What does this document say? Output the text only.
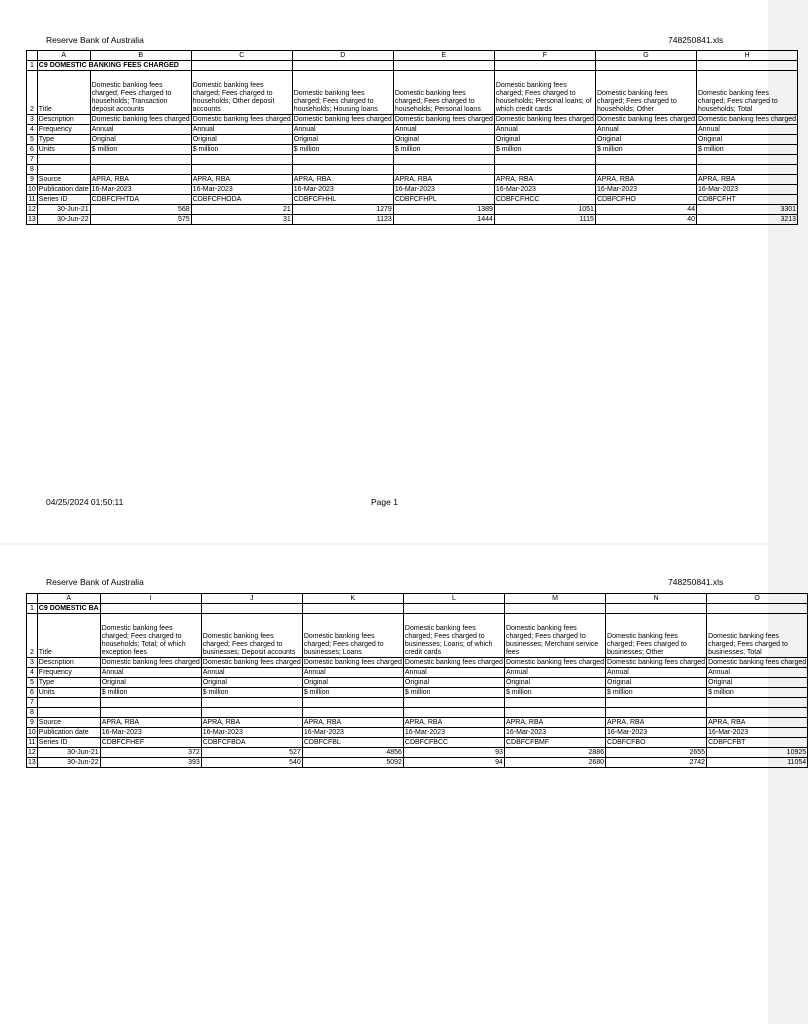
Reserve Bank of Australia	748250841.xls
	A	B	C	D	E	F	G	H
1	C9 DOMESTIC BANKING FEES CHARGED							
2	Title	Domestic banking fees charged; Fees charged to households; Transaction deposit accounts	Domestic banking fees charged; Fees charged to households; Other deposit accounts	Domestic banking fees charged; Fees charged to households; Housing loans	Domestic banking fees charged; Fees charged to households; Personal loans	Domestic banking fees charged; Fees charged to households; Personal loans; of which credit cards	Domestic banking fees charged; Fees charged to households; Other	Domestic banking fees charged; Fees charged to households; Total
3	Description	Domestic banking fees charged	Domestic banking fees charged	Domestic banking fees charged	Domestic banking fees charged	Domestic banking fees charged	Domestic banking fees charged	Domestic banking fees charged
4	Frequency	Annual	Annual	Annual	Annual	Annual	Annual	Annual
5	Type	Original	Original	Original	Original	Original	Original	Original
6	Units	$ million	$ million	$ million	$ million	$ million	$ million	$ million
7								
8								
9	Source	APRA, RBA	APRA, RBA	APRA, RBA	APRA, RBA	APRA, RBA	APRA, RBA	APRA, RBA
10	Publication date	16-Mar-2023	16-Mar-2023	16-Mar-2023	16-Mar-2023	16-Mar-2023	16-Mar-2023	16-Mar-2023
11	Series ID	CDBFCFHTDA	CDBFCFHODA	CDBFCFHHL	CDBFCFHPL	CDBFCFHCC	CDBFCFHO	CDBFCFHT
12	30-Jun-21	568	21	1279	1389	1051	44	3301
13	30-Jun-22	575	31	1123	1444	1115	40	3213
04/25/2024 01:50:11	Page 1
Reserve Bank of Australia	748250841.xls
	A	I	J	K	L	M	N	O
1	C9 DOMESTIC BA							
2	Title	Domestic banking fees charged; Fees charged to households; Total; of which exception fees	Domestic banking fees charged; Fees charged to businesses; Deposit accounts	Domestic banking fees charged; Fees charged to businesses; Loans	Domestic banking fees charged; Fees charged to businesses; Loans; of which credit cards	Domestic banking fees charged; Fees charged to businesses; Merchant service fees	Domestic banking fees charged; Fees charged to businesses; Other	Domestic banking fees charged; Fees charged to businesses; Total
3	Description	Domestic banking fees charged	Domestic banking fees charged	Domestic banking fees charged	Domestic banking fees charged	Domestic banking fees charged	Domestic banking fees charged	Domestic banking fees charged
4	Frequency	Annual	Annual	Annual	Annual	Annual	Annual	Annual
5	Type	Original	Original	Original	Original	Original	Original	Original
6	Units	$ million	$ million	$ million	$ million	$ million	$ million	$ million
7								
8								
9	Source	APRA, RBA	APRA, RBA	APRA, RBA	APRA, RBA	APRA, RBA	APRA, RBA	APRA, RBA
10	Publication date	16-Mar-2023	16-Mar-2023	16-Mar-2023	16-Mar-2023	16-Mar-2023	16-Mar-2023	16-Mar-2023
11	Series ID	CDBFCFHEF	CDBFCFBDA	CDBFCFBL	CDBFCFBCC	CDBFCFBMF	CDBFCFBO	CDBFCFBT
12	30-Jun-21	372	527	4856	93	2886	2655	10925
13	30-Jun-22	393	540	5092	94	2680	2742	11054
